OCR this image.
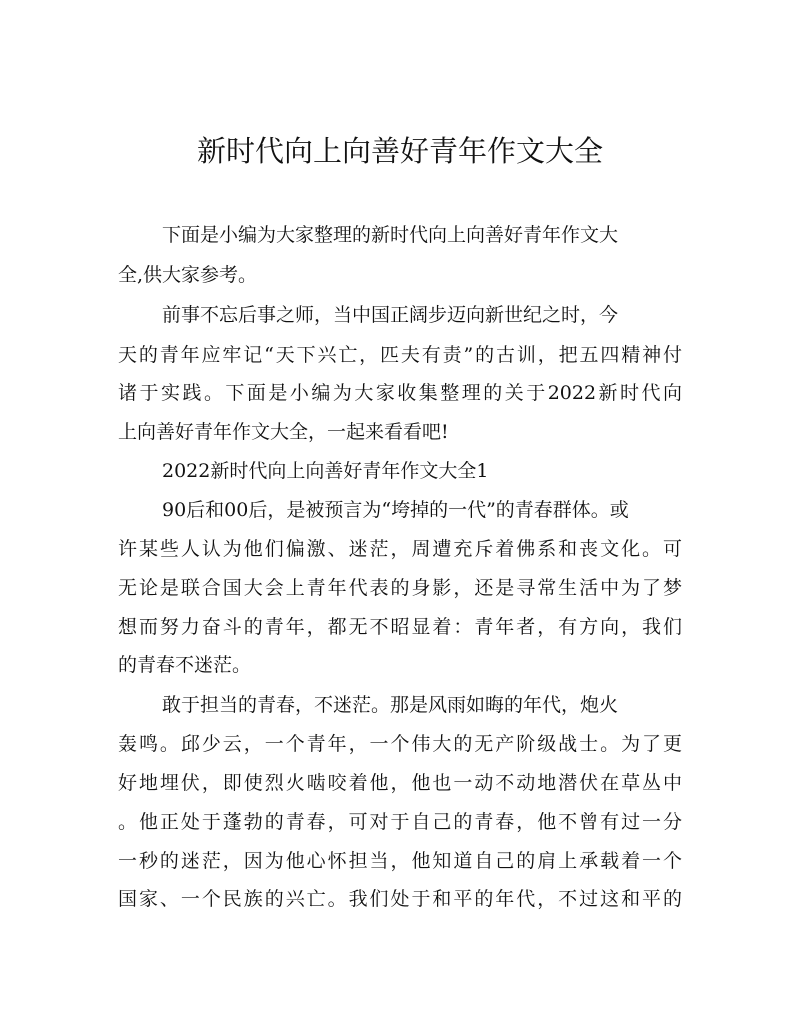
新时代向上向善好青年作文大全
下面是小编为大家整理的新时代向上向善好青年作文大
全,供大家参考。
前事不忘后事之师，当中国正阔步迈向新世纪之时，今
天的青年应牢记“天下兴亡，匹夫有责”的古训，把五四精神付
诸于实践。下面是小编为大家收集整理的关于2022新时代向
上向善好青年作文大全，一起来看看吧!
2022新时代向上向善好青年作文大全1
90后和00后，是被预言为“垮掉的一代”的青春群体。或
许某些人认为他们偏激、迷茫，周遭充斥着佛系和丧文化。可
无论是联合国大会上青年代表的身影，还是寻常生活中为了梦
想而努力奋斗的青年，都无不昭显着：青年者，有方向，我们
的青春不迷茫。
敢于担当的青春，不迷茫。那是风雨如晦的年代，炮火
轰鸣。邱少云，一个青年，一个伟大的无产阶级战士。为了更
好地埋伏，即使烈火啮咬着他，他也一动不动地潜伏在草丛中
。他正处于蓬勃的青春，可对于自己的青春，他不曾有过一分
一秒的迷茫，因为他心怀担当，他知道自己的肩上承载着一个
国家、一个民族的兴亡。我们处于和平的年代，不过这和平的
